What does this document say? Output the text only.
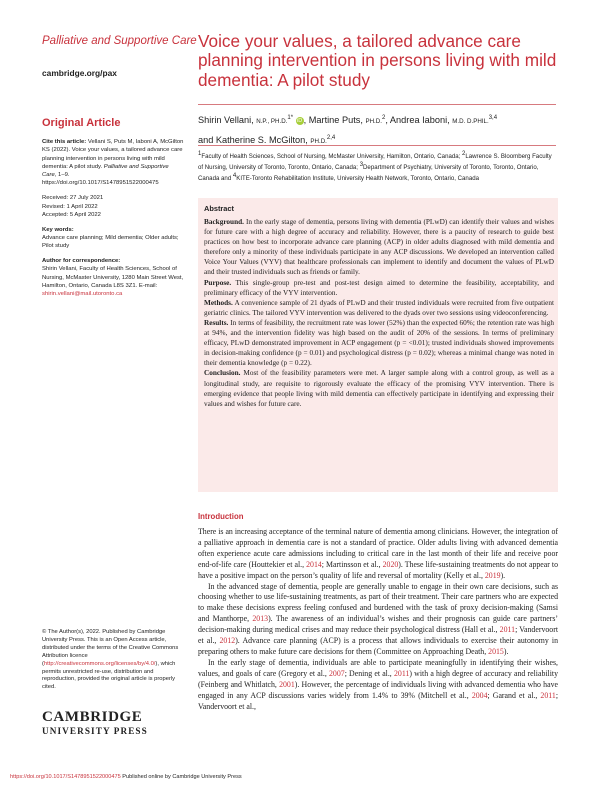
Palliative and Supportive Care
cambridge.org/pax
Original Article

Cite this article: Vellani S, Puts M, Iaboni A, McGilton KS (2022). Voice your values, a tailored advance care planning intervention in persons living with mild dementia: A pilot study. Palliative and Supportive Care, 1–9. https://doi.org/10.1017/S1478951522000475

Received: 27 July 2021
Revised: 1 April 2022
Accepted: 5 April 2022

Key words:
Advance care planning; Mild dementia; Older adults; Pilot study

Author for correspondence:
Shirin Vellani, Faculty of Health Sciences, School of Nursing, McMaster University, 1280 Main Street West, Hamilton, Ontario, Canada L8S 3Z1. E-mail: shirin.vellani@mail.utoronto.ca

© The Author(s), 2022. Published by Cambridge University Press. This is an Open Access article, distributed under the terms of the Creative Commons Attribution licence (http://creativecommons.org/licenses/by/4.0/), which permits unrestricted re-use, distribution and reproduction, provided the original article is properly cited.
CAMBRIDGE
UNIVERSITY PRESS
Voice your values, a tailored advance care planning intervention in persons living with mild dementia: A pilot study
Shirin Vellani, N.P., PH.D.$^{1*}$ iD, Martine Puts, PH.D.$^2$, Andrea Iaboni, M.D. D.PHIL.$^{3,4}$
and Katherine S. McGilton, PH.D.$^{2,4}$
$^1$Faculty of Health Sciences, School of Nursing, McMaster University, Hamilton, Ontario, Canada; $^2$Lawrence S. Bloomberg Faculty of Nursing, University of Toronto, Toronto, Ontario, Canada; $^3$Department of Psychiatry, University of Toronto, Toronto, Ontario, Canada and $^4$KITE-Toronto Rehabilitation Institute, University Health Network, Toronto, Ontario, Canada
Abstract

Background. In the early stage of dementia, persons living with dementia (PLwD) can identify their values and wishes for future care with a high degree of accuracy and reliability. However, there is a paucity of research to guide best practices on how best to incorporate advance care planning (ACP) in older adults diagnosed with mild dementia and therefore only a minority of these individuals participate in any ACP discussions. We developed an intervention called Voice Your Values (VYV) that healthcare professionals can implement to identify and document the values of PLwD and their trusted individuals such as friends or family.

Purpose. This single-group pre-test and post-test design aimed to determine the feasibility, acceptability, and preliminary efficacy of the VYV intervention.

Methods. A convenience sample of 21 dyads of PLwD and their trusted individuals were recruited from five outpatient geriatric clinics. The tailored VYV intervention was delivered to the dyads over two sessions using videoconferencing.

Results. In terms of feasibility, the recruitment rate was lower (52%) than the expected 60%; the retention rate was high at 94%, and the intervention fidelity was high based on the audit of 20% of the sessions. In terms of preliminary efficacy, PLwD demonstrated improvement in ACP engagement (p = <0.01); trusted individuals showed improvements in decision-making confidence (p = 0.01) and psychological distress (p = 0.02); whereas a minimal change was noted in their dementia knowledge (p = 0.22).

Conclusion. Most of the feasibility parameters were met. A larger sample along with a control group, as well as a longitudinal study, are requisite to rigorously evaluate the efficacy of the promising VYV intervention. There is emerging evidence that people living with mild dementia can effectively participate in identifying and expressing their values and wishes for future care.

Introduction

There is an increasing acceptance of the terminal nature of dementia among clinicians. However, the integration of a palliative approach in dementia care is not a standard of practice. Older adults living with advanced dementia often experience acute care admissions including to critical care in the last month of their life and receive poor end-of-life care (Houttekier et al., 2014; Martinsson et al., 2020). These life-sustaining treatments do not appear to have a positive impact on the person’s quality of life and reversal of mortality (Kelly et al., 2019).

In the advanced stage of dementia, people are generally unable to engage in their own care decisions, such as choosing whether to use life-sustaining treatments, as part of their treatment. Their care partners who are expected to make these decisions express feeling confused and burdened with the task of proxy decision-making (Samsi and Manthorpe, 2013). The awareness of an individual’s wishes and their prognosis can guide care partners’ decision-making during medical crises and may reduce their psychological distress (Hall et al., 2011; Vandervoort et al., 2012). Advance care planning (ACP) is a process that allows individuals to exercise their autonomy in preparing others to make future care decisions for them (Committee on Approaching Death, 2015).

In the early stage of dementia, individuals are able to participate meaningfully in identifying their wishes, values, and goals of care (Gregory et al., 2007; Dening et al., 2011) with a high degree of accuracy and reliability (Feinberg and Whitlatch, 2001). However, the percentage of individuals living with advanced dementia who have engaged in any ACP discussions varies widely from 1.4% to 39% (Mitchell et al., 2004; Garand et al., 2011; Vandervoort et al.,

https://doi.org/10.1017/S1478951522000475 Published online by Cambridge University Press
